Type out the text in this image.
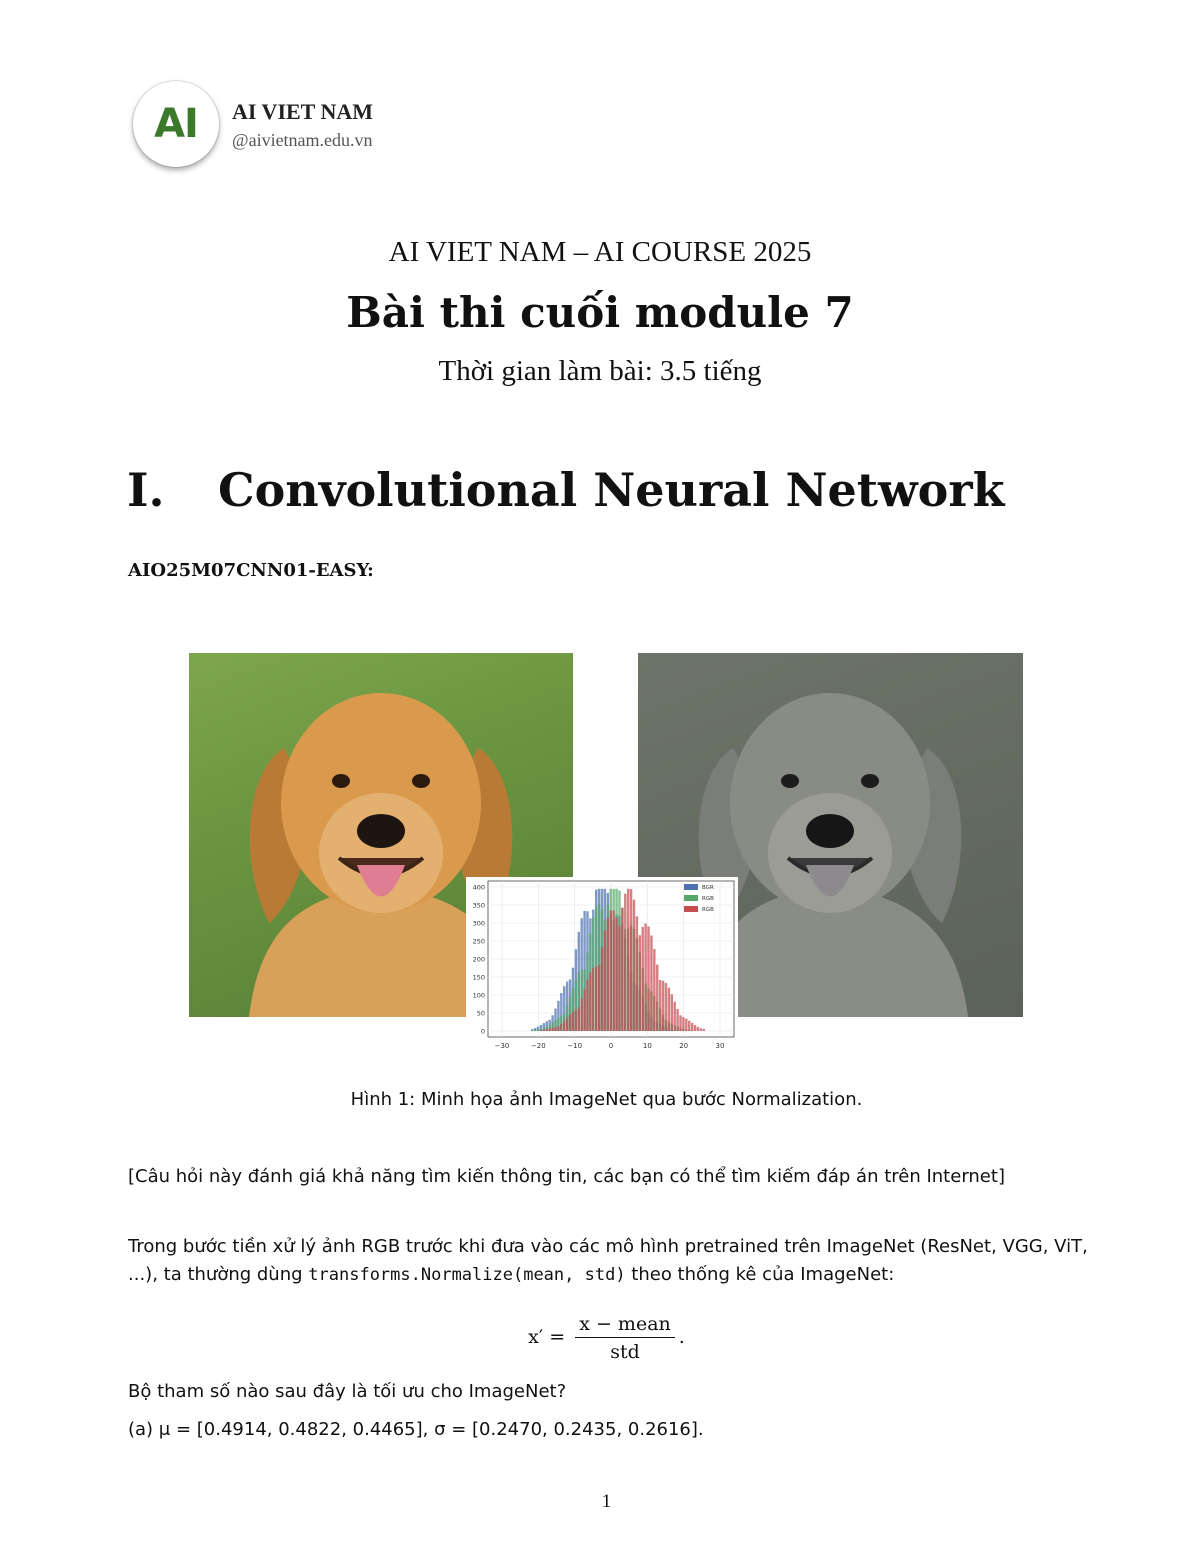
AI AI VIET NAM
@aivietnam.edu.vn
AI VIET NAM – AI COURSE 2025
Bài thi cuối module 7
Thời gian làm bài: 3.5 tiếng
I. Convolutional Neural Network
AIO25M07CNN01-EASY:
400
350
300
250
200
150
100
50
0
−30	−20	−10	0	10	20	30
BGR
RGB
RGB
Hình 1: Minh họa ảnh ImageNet qua bước Normalization.
[Câu hỏi này đánh giá khả năng tìm kiến thông tin, các bạn có thể tìm kiếm đáp án trên Internet]
Trong bước tiền xử lý ảnh RGB trước khi đưa vào các mô hình pretrained trên ImageNet (ResNet, VGG, ViT, ...), ta thường dùng transforms.Normalize(mean, std) theo thống kê của ImageNet:
$x' = \frac{\text{x − mean}}{\text{std}}$ .
Bộ tham số nào sau đây là tối ưu cho ImageNet?
(a) μ = [0.4914, 0.4822, 0.4465], σ = [0.2470, 0.2435, 0.2616].
1
